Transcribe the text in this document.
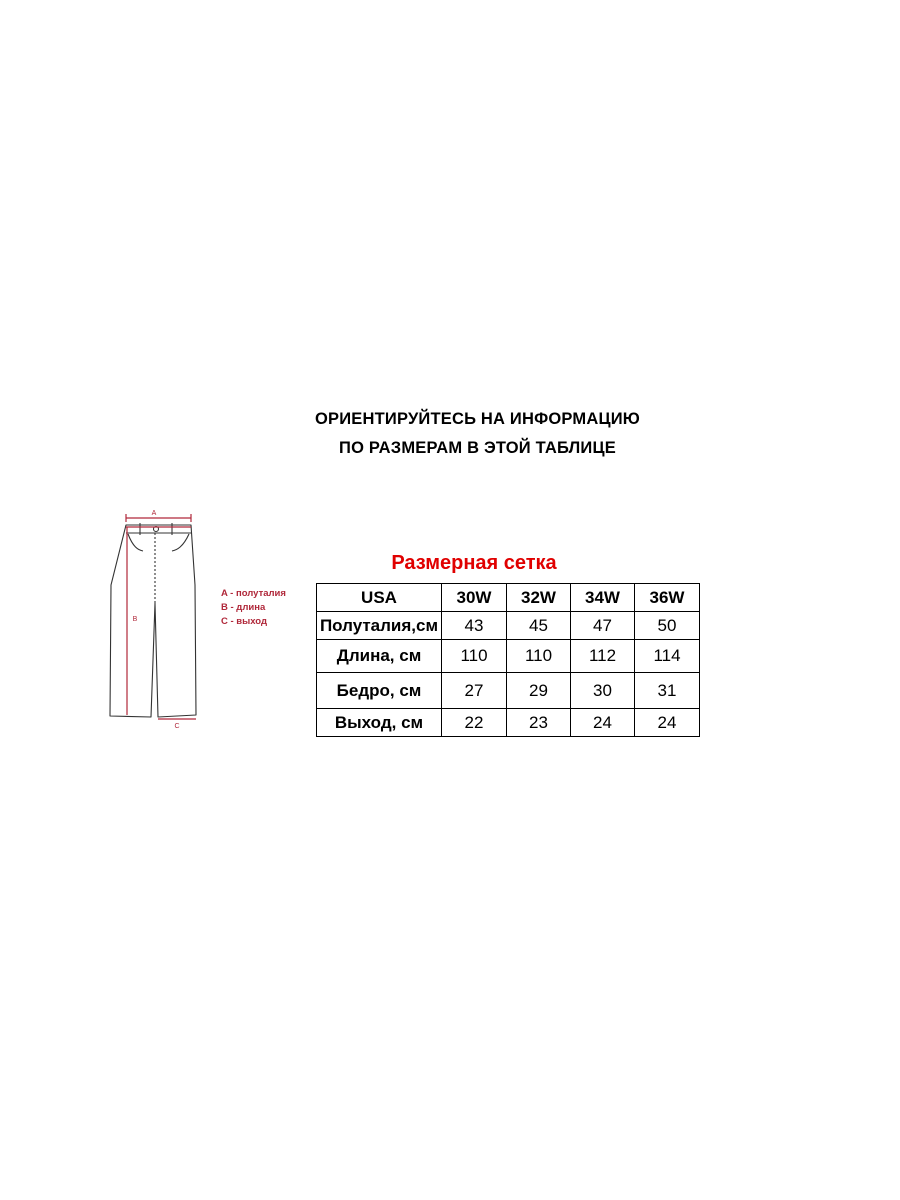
ОРИЕНТИРУЙТЕСЬ НА ИНФОРМАЦИЮ
ПО РАЗМЕРАМ В ЭТОЙ ТАБЛИЦЕ
A
B
C
A - полуталия
B - длина
C - выход
Размерная сетка
USA	30W	32W	34W	36W
Полуталия,см	43	45	47	50
Длина, см	110	110	112	114
Бедро, см	27	29	30	31
Выход, см	22	23	24	24
